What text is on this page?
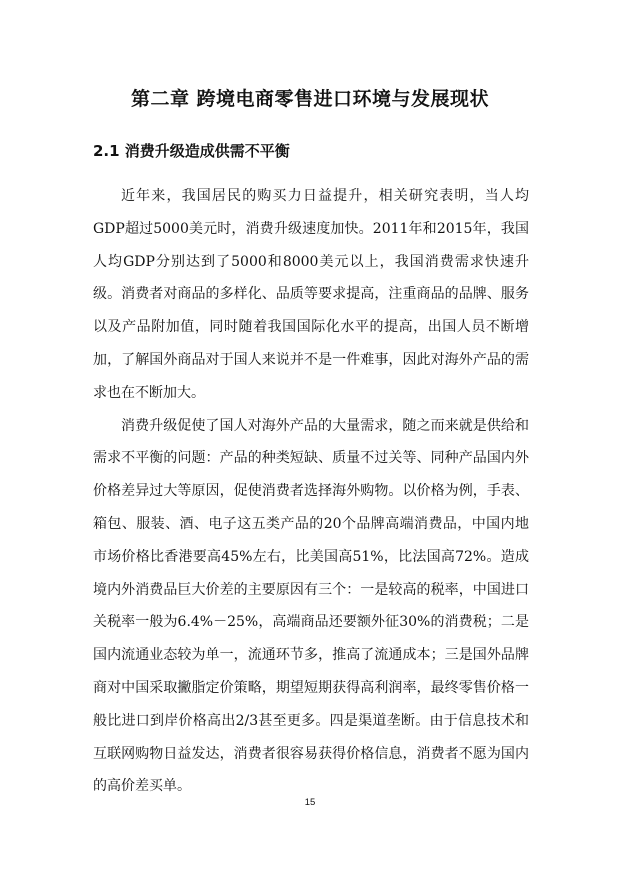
第二章 跨境电商零售进口环境与发展现状
2.1 消费升级造成供需不平衡

近年来，我国居民的购买力日益提升，相关研究表明，当人均GDP超过5000美元时，消费升级速度加快。2011年和2015年，我国人均GDP分别达到了5000和8000美元以上，我国消费需求快速升级。消费者对商品的多样化、品质等要求提高，注重商品的品牌、服务以及产品附加值，同时随着我国国际化水平的提高，出国人员不断增加，了解国外商品对于国人来说并不是一件难事，因此对海外产品的需求也在不断加大。

消费升级促使了国人对海外产品的大量需求，随之而来就是供给和需求不平衡的问题：产品的种类短缺、质量不过关等、同种产品国内外价格差异过大等原因，促使消费者选择海外购物。以价格为例，手表、箱包、服装、酒、电子这五类产品的20个品牌高端消费品，中国内地市场价格比香港要高45%左右，比美国高51%，比法国高72%。造成境内外消费品巨大价差的主要原因有三个：一是较高的税率，中国进口关税率一般为6.4%－25%，高端商品还要额外征30%的消费税；二是国内流通业态较为单一，流通环节多，推高了流通成本；三是国外品牌商对中国采取撇脂定价策略，期望短期获得高利润率，最终零售价格一般比进口到岸价格高出2/3甚至更多。四是渠道垄断。由于信息技术和互联网购物日益发达，消费者很容易获得价格信息，消费者不愿为国内的高价差买单。

15
